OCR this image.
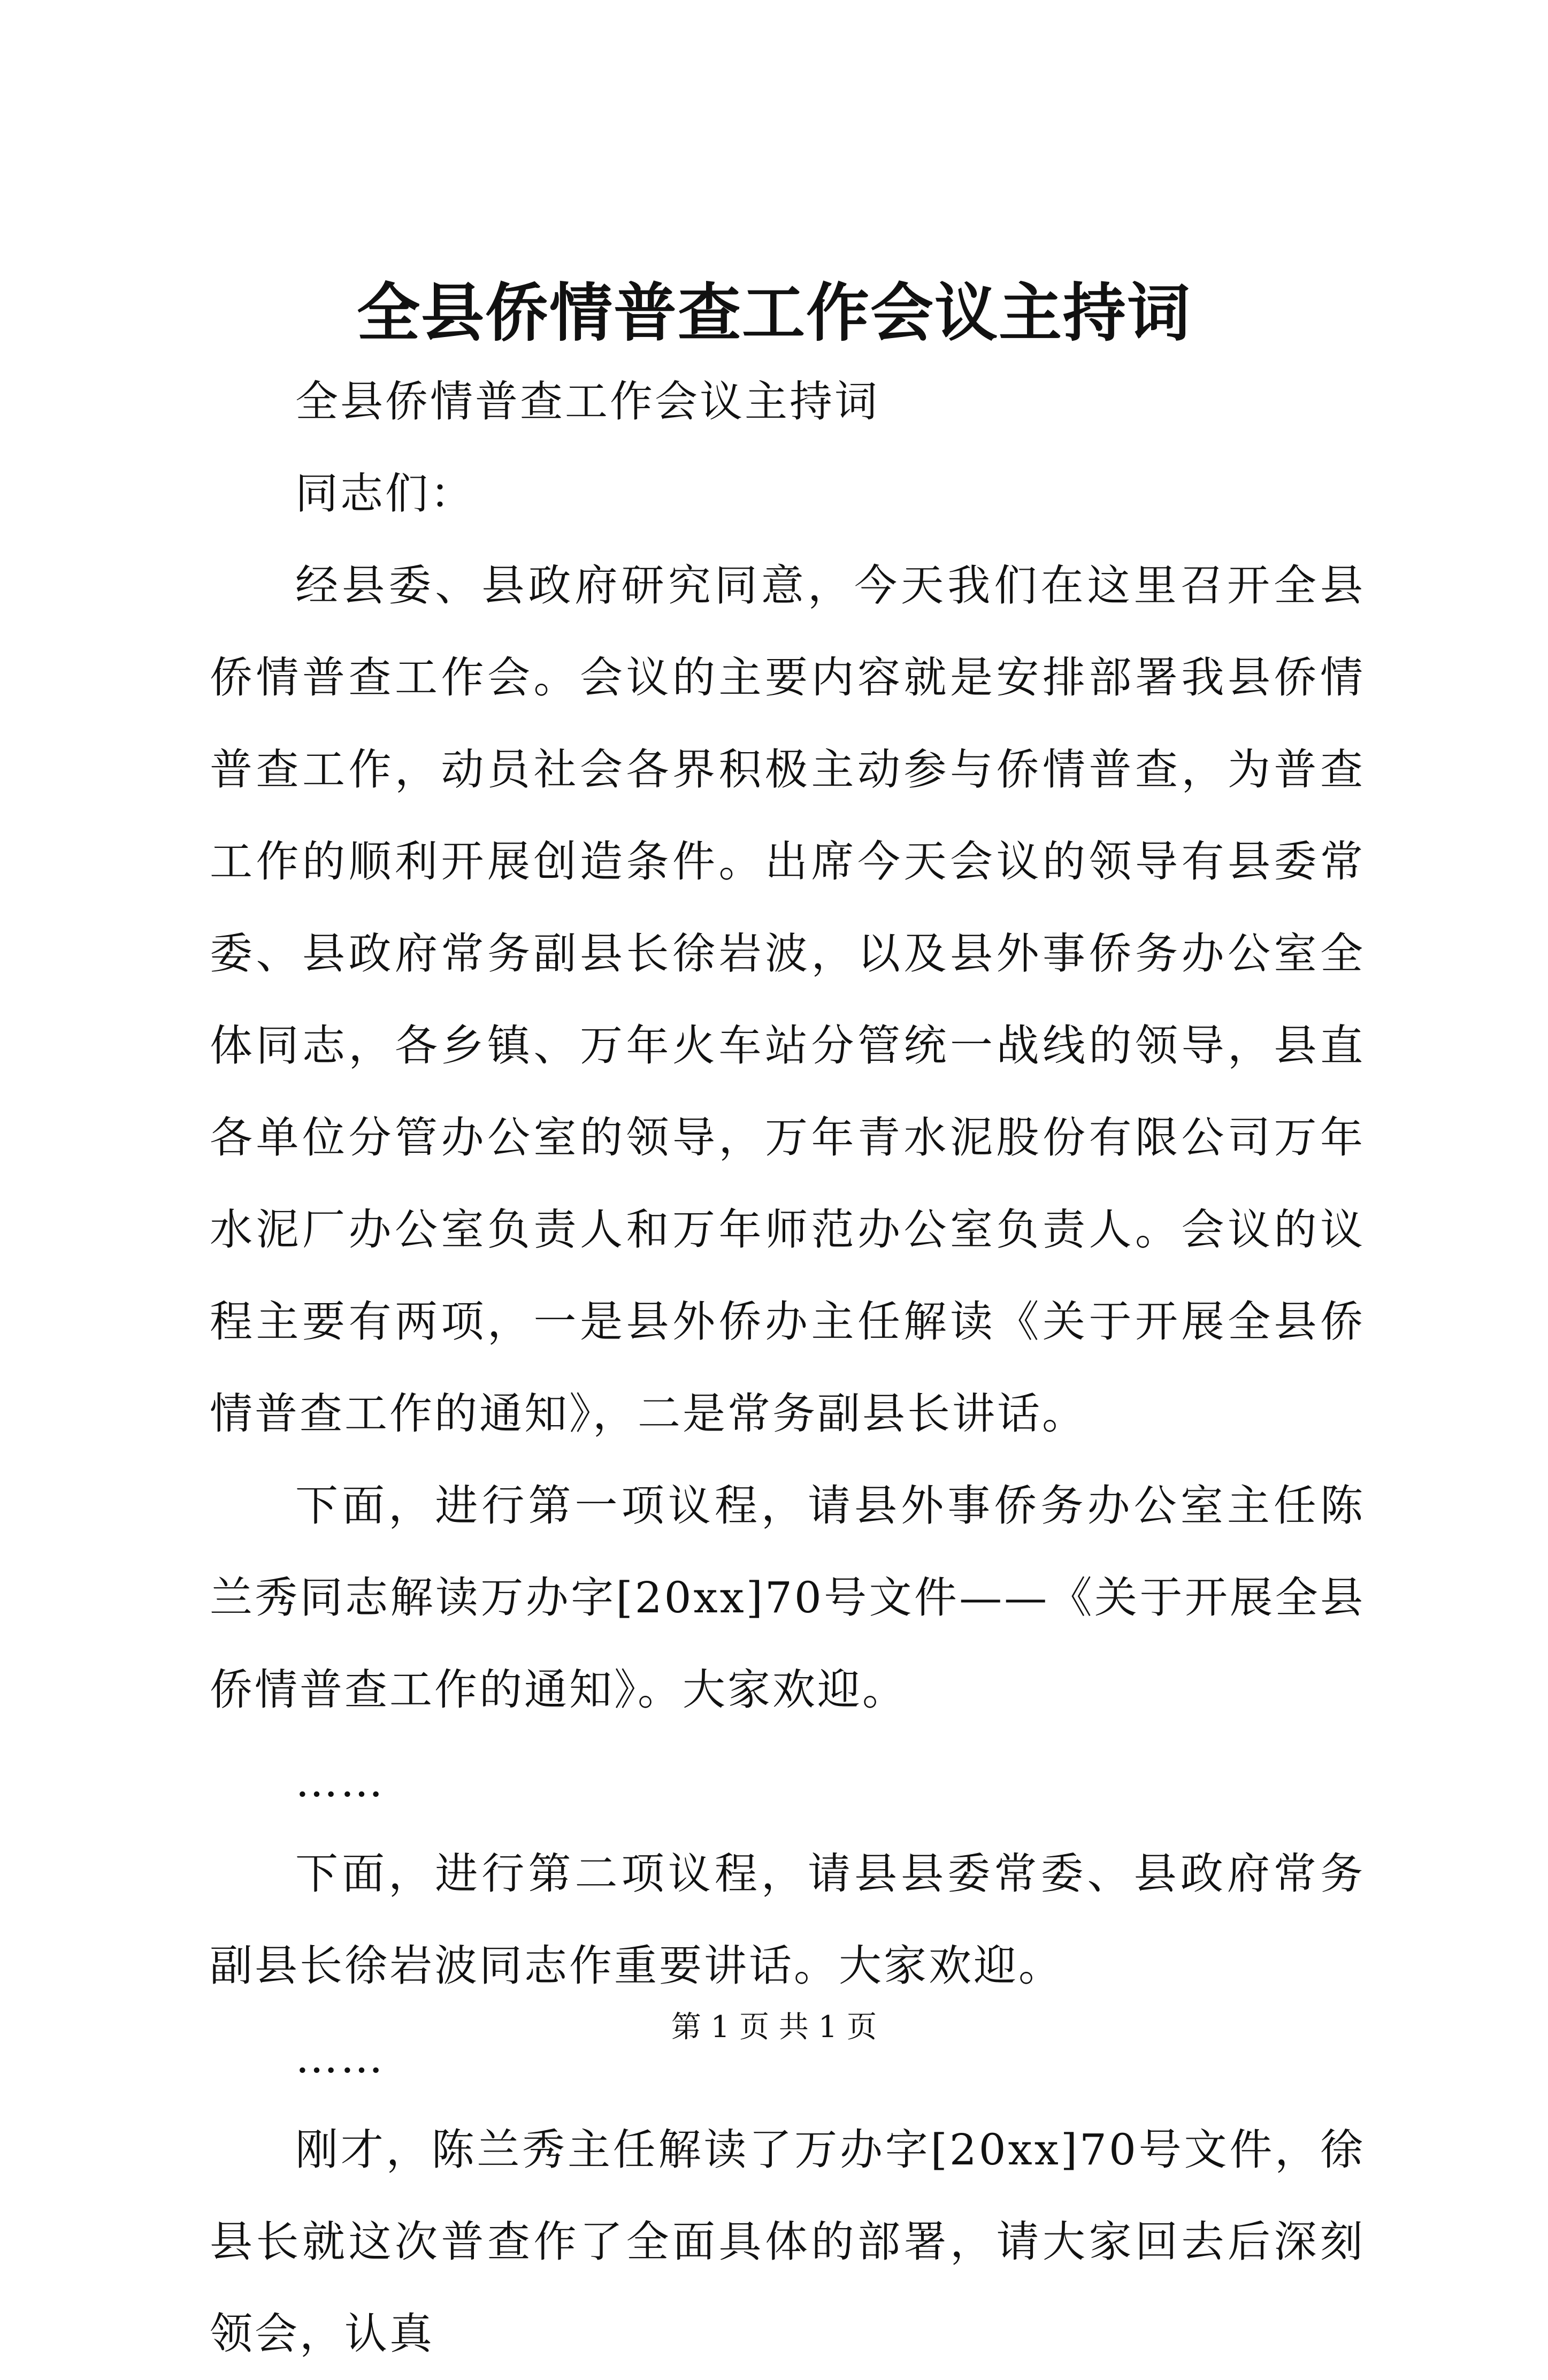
全县侨情普查工作会议主持词

全县侨情普查工作会议主持词

同志们：

经县委、县政府研究同意，今天我们在这里召开全县侨情普查工作会。会议的主要内容就是安排部署我县侨情普查工作，动员社会各界积极主动参与侨情普查，为普查工作的顺利开展创造条件。出席今天会议的领导有县委常委、县政府常务副县长徐岩波，以及县外事侨务办公室全体同志，各乡镇、万年火车站分管统一战线的领导，县直各单位分管办公室的领导，万年青水泥股份有限公司万年水泥厂办公室负责人和万年师范办公室负责人。会议的议程主要有两项，一是县外侨办主任解读《关于开展全县侨情普查工作的通知》，二是常务副县长讲话。

下面，进行第一项议程，请县外事侨务办公室主任陈兰秀同志解读万办字[20xx]70号文件——《关于开展全县侨情普查工作的通知》。大家欢迎。

……

下面，进行第二项议程，请县县委常委、县政府常务副县长徐岩波同志作重要讲话。大家欢迎。

……

刚才，陈兰秀主任解读了万办字[20xx]70号文件，徐县长就这次普查作了全面具体的部署，请大家回去后深刻领会，认真

第 1 页 共 1 页
